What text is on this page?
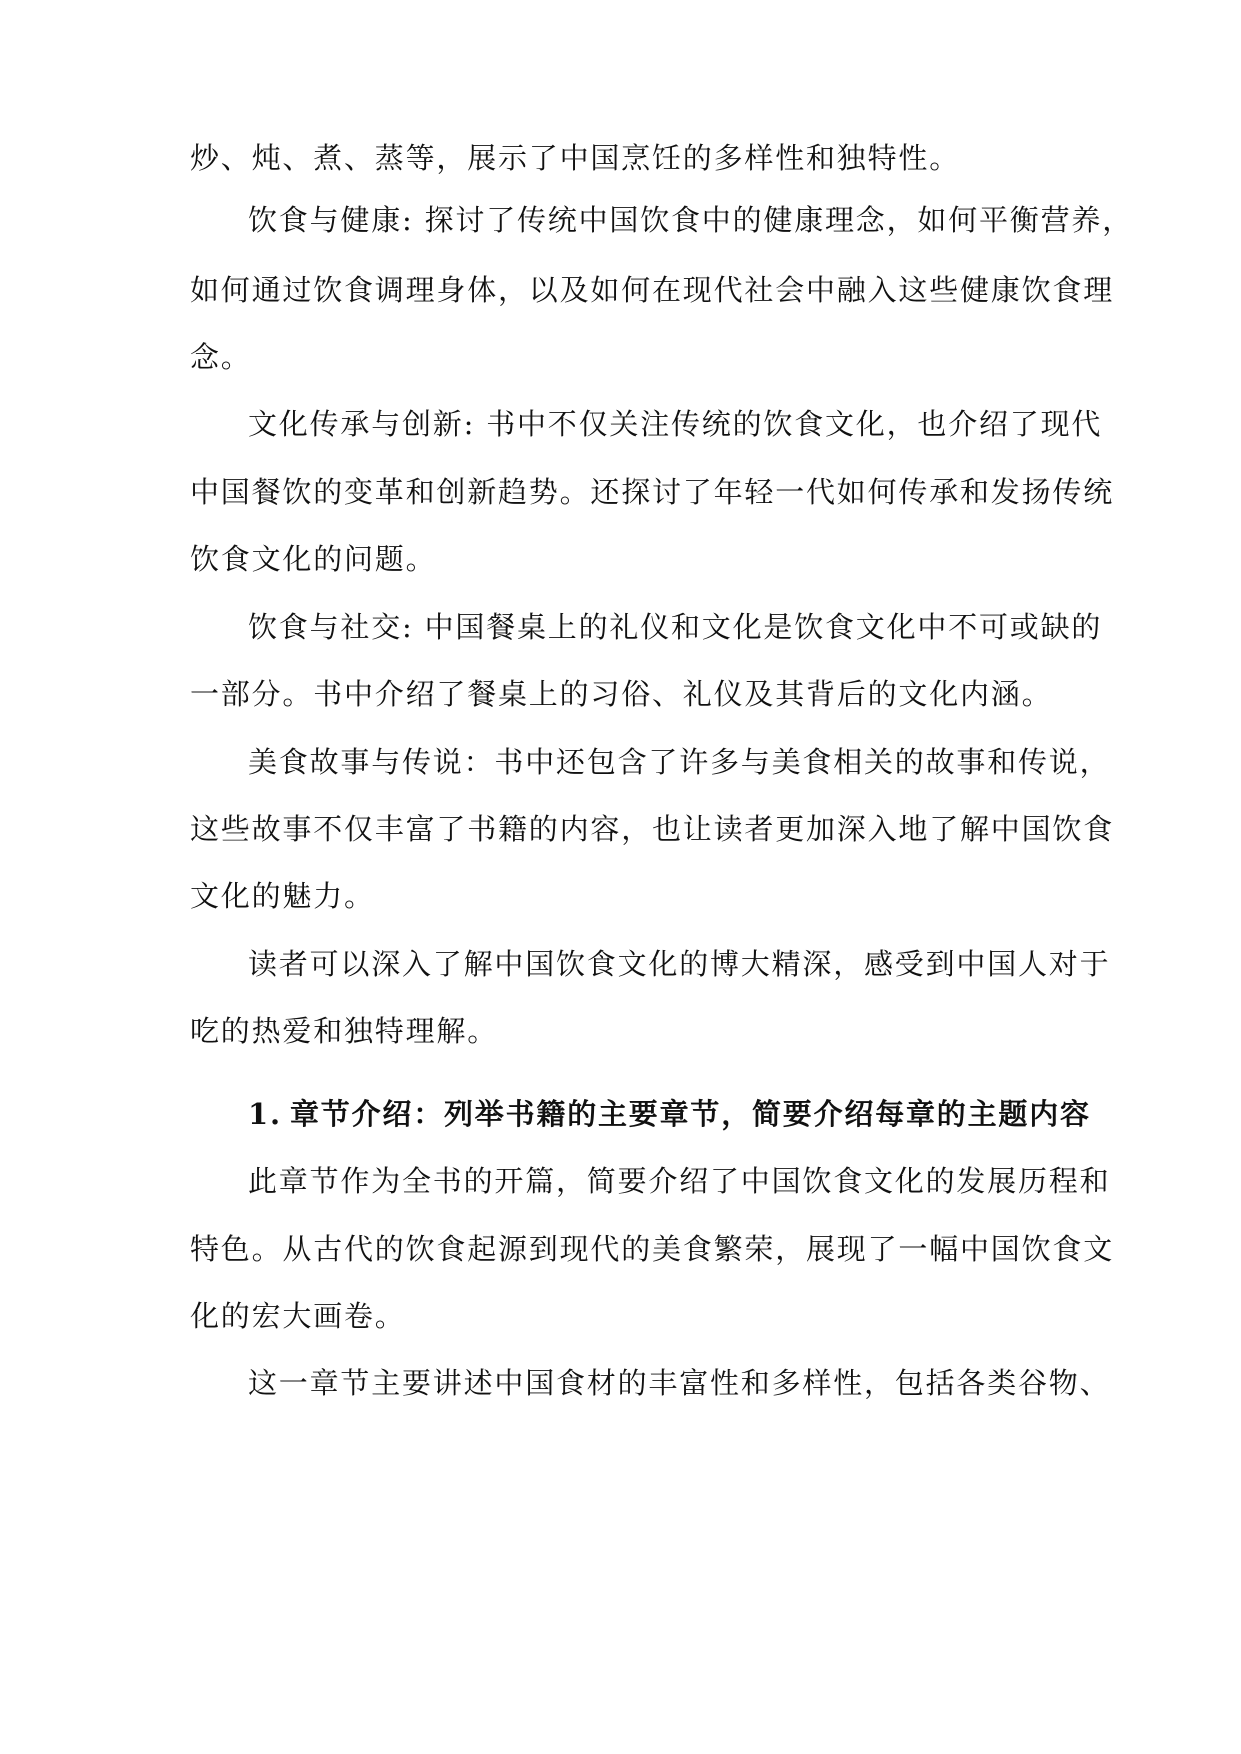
炒、炖、煮、蒸等，展示了中国烹饪的多样性和独特性。
饮食与健康: 探讨了传统中国饮食中的健康理念，如何平衡营养，
如何通过饮食调理身体，以及如何在现代社会中融入这些健康饮食理
念。
文化传承与创新: 书中不仅关注传统的饮食文化，也介绍了现代
中国餐饮的变革和创新趋势。还探讨了年轻一代如何传承和发扬传统
饮食文化的问题。
饮食与社交: 中国餐桌上的礼仪和文化是饮食文化中不可或缺的
一部分。书中介绍了餐桌上的习俗、礼仪及其背后的文化内涵。
美食故事与传说：书中还包含了许多与美食相关的故事和传说，
这些故事不仅丰富了书籍的内容，也让读者更加深入地了解中国饮食
文化的魅力。
读者可以深入了解中国饮食文化的博大精深，感受到中国人对于
吃的热爱和独特理解。
1. 章节介绍：列举书籍的主要章节，简要介绍每章的主题内容
此章节作为全书的开篇，简要介绍了中国饮食文化的发展历程和
特色。从古代的饮食起源到现代的美食繁荣，展现了一幅中国饮食文
化的宏大画卷。
这一章节主要讲述中国食材的丰富性和多样性，包括各类谷物、
